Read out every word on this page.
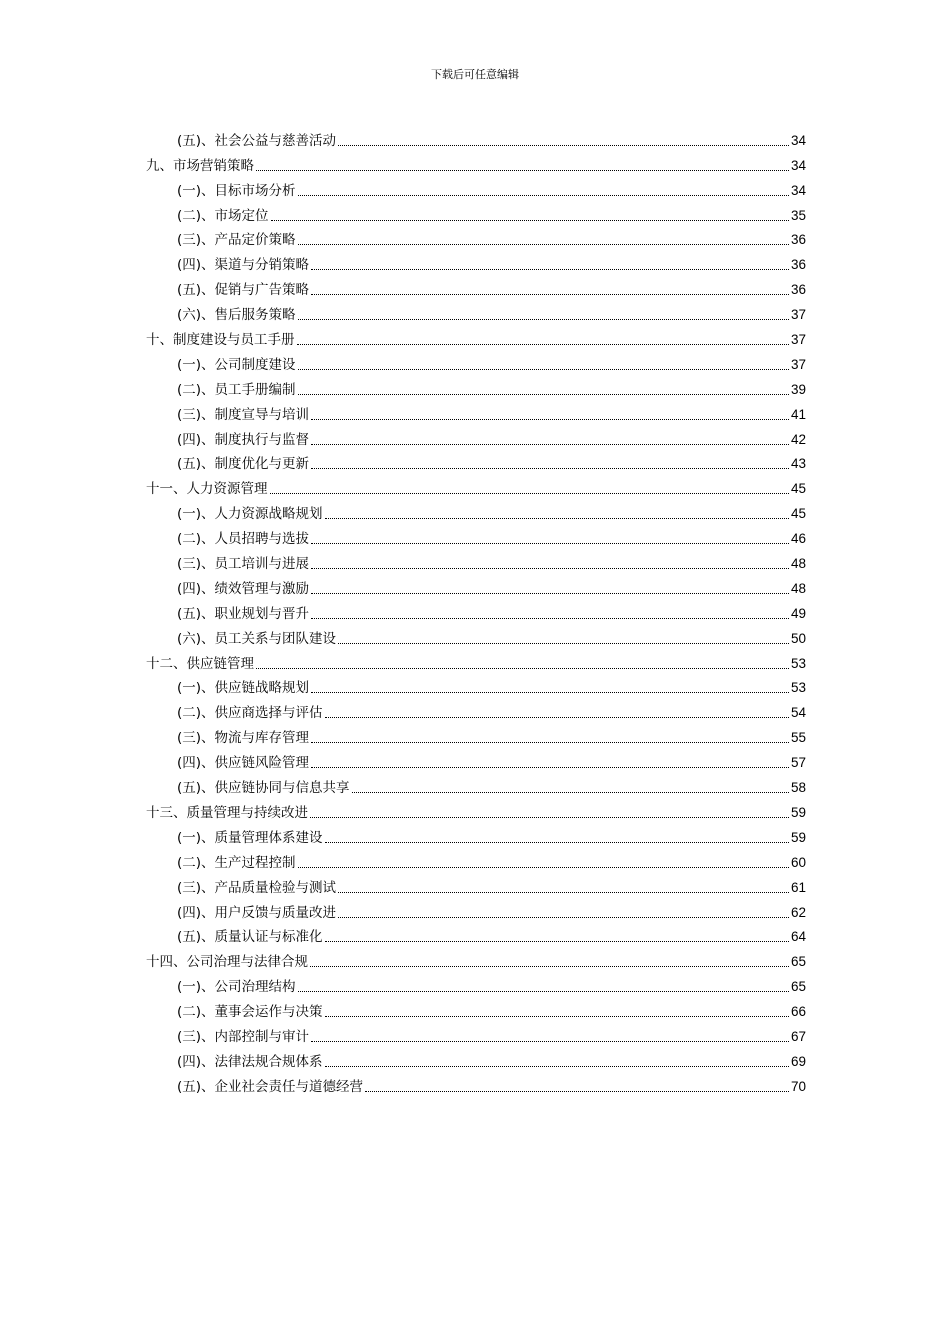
下载后可任意编辑
(五)、社会公益与慈善活动	34
九、市场营销策略	34
(一)、目标市场分析	34
(二)、市场定位	35
(三)、产品定价策略	36
(四)、渠道与分销策略	36
(五)、促销与广告策略	36
(六)、售后服务策略	37
十、制度建设与员工手册	37
(一)、公司制度建设	37
(二)、员工手册编制	39
(三)、制度宣导与培训	41
(四)、制度执行与监督	42
(五)、制度优化与更新	43
十一、人力资源管理	45
(一)、人力资源战略规划	45
(二)、人员招聘与选拔	46
(三)、员工培训与进展	48
(四)、绩效管理与激励	48
(五)、职业规划与晋升	49
(六)、员工关系与团队建设	50
十二、供应链管理	53
(一)、供应链战略规划	53
(二)、供应商选择与评估	54
(三)、物流与库存管理	55
(四)、供应链风险管理	57
(五)、供应链协同与信息共享	58
十三、质量管理与持续改进	59
(一)、质量管理体系建设	59
(二)、生产过程控制	60
(三)、产品质量检验与测试	61
(四)、用户反馈与质量改进	62
(五)、质量认证与标准化	64
十四、公司治理与法律合规	65
(一)、公司治理结构	65
(二)、董事会运作与决策	66
(三)、内部控制与审计	67
(四)、法律法规合规体系	69
(五)、企业社会责任与道德经营	70
